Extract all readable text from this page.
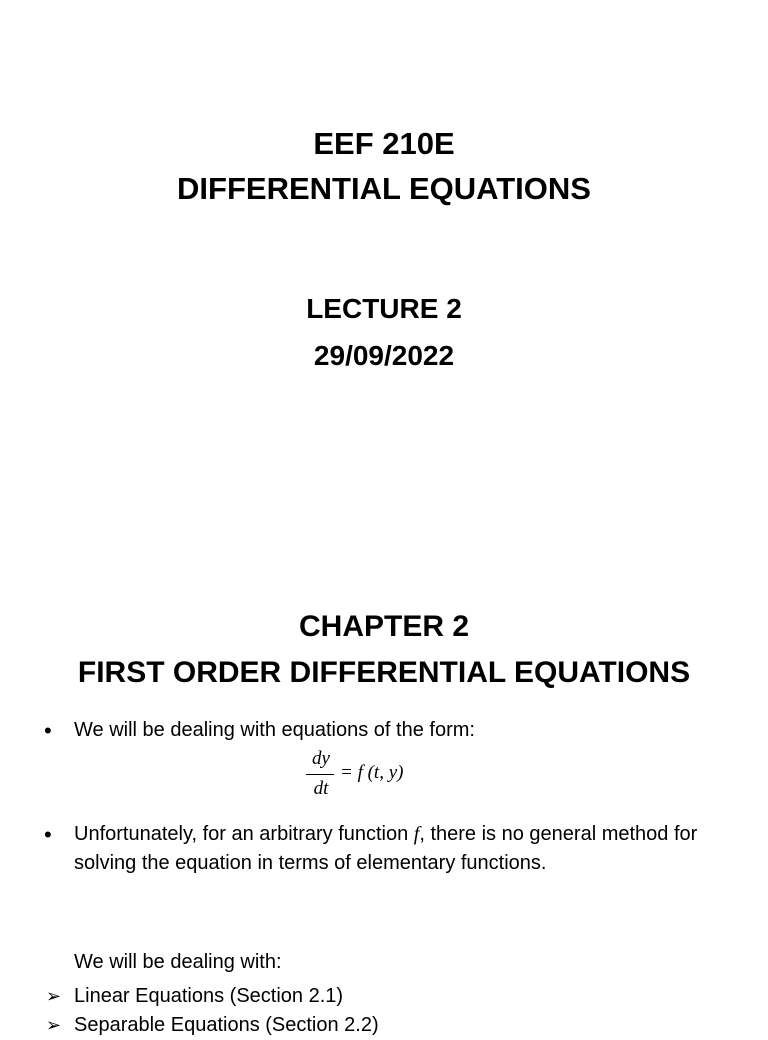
EEF 210E
DIFFERENTIAL EQUATIONS
LECTURE 2
29/09/2022
CHAPTER 2
FIRST ORDER DIFFERENTIAL EQUATIONS
• We will be dealing with equations of the form:
dy
dt
= f (t, y)
• Unfortunately, for an arbitrary function f, there is no general method for solving the equation in terms of elementary functions.
We will be dealing with:
➢ Linear Equations (Section 2.1)
➢ Separable Equations (Section 2.2)
